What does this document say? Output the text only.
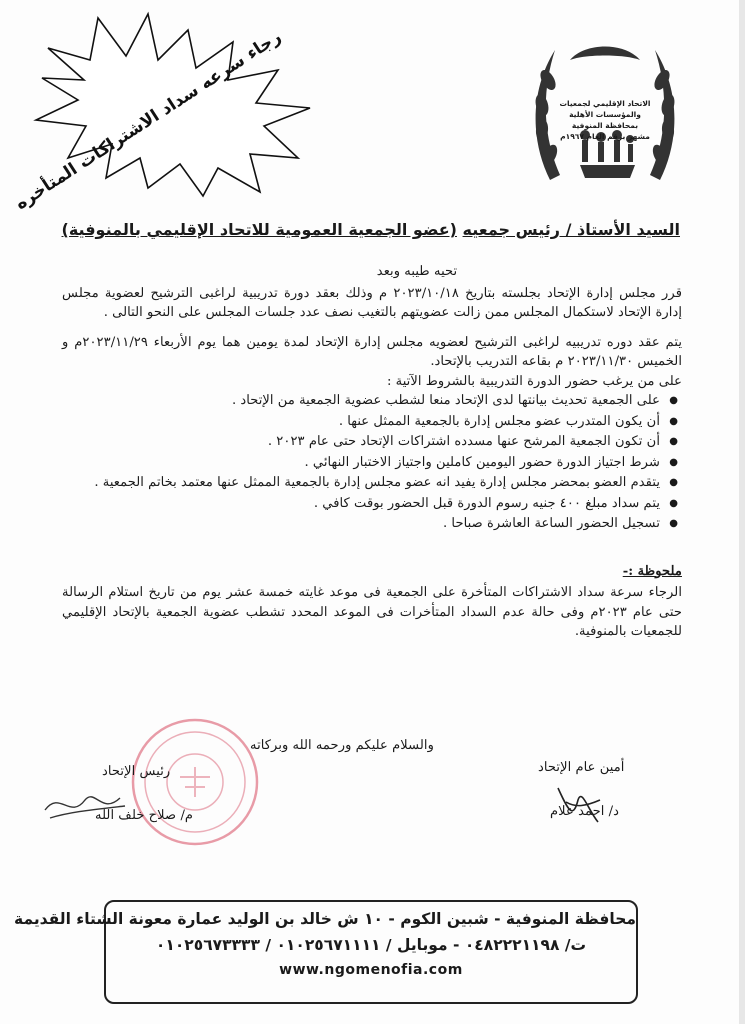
رجاء سرعه سداد الاشتراكات المتأخره	الاتحاد الإقليمي لجمعيات والمؤسسات الأهلية
بمحافظة المنوفية
مشهر برقم العام ١٩٦٧م
السيد الأستاذ / رئيس جمعيه (عضو الجمعية العمومية للاتحاد الإقليمي بالمنوفية)
تحيه طيبه وبعد

قرر مجلس إدارة الإتحاد بجلسته بتاريخ ٢٠٢٣/١٠/١٨ م وذلك بعقد دورة تدريبية لراغبى الترشيح لعضوية مجلس إدارة الإتحاد لاستكمال المجلس ممن زالت عضويتهم بالتغيب نصف عدد جلسات المجلس على النحو التالى .

يتم عقد دوره تدريبيه لراغبى الترشيح لعضويه مجلس إدارة الإتحاد لمدة يومين هما يوم الأربعاء ٢٠٢٣/١١/٢٩م و الخميس ٢٠٢٣/١١/٣٠ م بقاعه التدريب بالإتحاد.

على من يرغب حضور الدورة التدريبية بالشروط الآتية :
● على الجمعية تحديث بيانتها لدى الإتحاد منعا لشطب عضوية الجمعية من الإتحاد .
● أن يكون المتدرب عضو مجلس إدارة بالجمعية الممثل عنها .
● أن تكون الجمعية المرشح عنها مسدده اشتراكات الإتحاد حتى عام ٢٠٢٣ .
● شرط اجتياز الدورة حضور اليومين كاملين واجتياز الاختبار النهائي .
● يتقدم العضو بمحضر مجلس إدارة يفيد انه عضو مجلس إدارة بالجمعية الممثل عنها معتمد بخاتم الجمعية .
● يتم سداد مبلغ ٤٠٠ جنيه رسوم الدورة قبل الحضور بوقت كافي .
● تسجيل الحضور الساعة العاشرة صباحا .
ملحوظة :-
الرجاء سرعة سداد الاشتراكات المتأخرة على الجمعية فى موعد غايته خمسة عشر يوم من تاريخ استلام الرسالة حتى عام ٢٠٢٣م وفى حالة عدم السداد المتأخرات فى الموعد المحدد تشطب عضوية الجمعية بالإتحاد الإقليمي للجمعيات بالمنوفية.
والسلام عليكم ورحمه الله وبركاته
رئيس الإتحاد
م/ صلاح خلف الله
أمين عام الإتحاد
د/ احمد علام
محافظة المنوفية - شبين الكوم - ١٠ ش خالد بن الوليد عمارة معونة الشتاء القديمة
ت/ ٠٤٨٢٢٢١١٩٨ - موبايل / ٠١٠٢٥٦٧١١١١ / ٠١٠٢٥٦٧٣٣٣٣
www.ngomenofia.com
